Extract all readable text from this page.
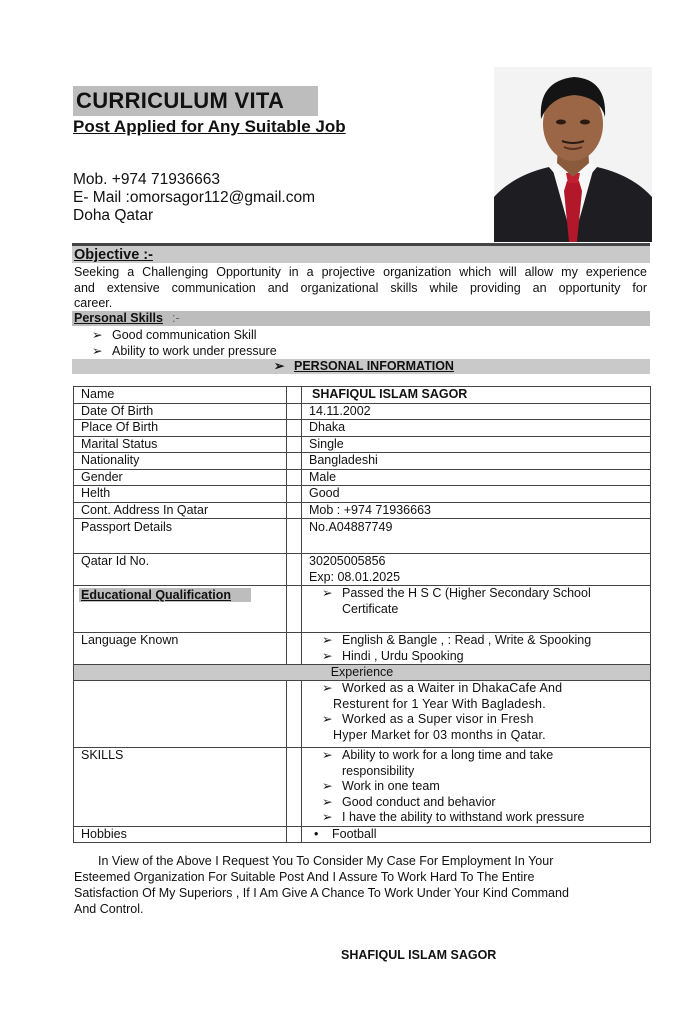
CURRICULUM VITA
Post Applied for Any Suitable Job
Mob. +974 71936663
E- Mail :omorsagor112@gmail.com
Doha Qatar
Objective :-
Seeking a Challenging Opportunity in a projective organization which will allow my experience
and extensive communication and organizational skills while providing an opportunity for
career.
Personal Skills :-
➢ Good communication Skill
➢ Ability to work under pressure
➢ PERSONAL INFORMATION
Name		SHAFIQUL ISLAM SAGOR
Date Of Birth		14.11.2002
Place Of Birth		Dhaka
Marital Status		Single
Nationality		Bangladeshi
Gender		Male
Helth		Good
Cont. Address In Qatar		Mob : +974 71936663
Passport Details		No.A04887749
Qatar Id No.		30205005856
Exp: 08.01.2025

Educational Qualification		➢ Passed the H S C (Higher Secondary School
Certificate

Language Known		➢ English & Bangle , : Read , Write & Spooking
➢ Hindi , Urdu Spooking

Experience		

		➢ Worked as a Waiter in DhakaCafe And
Resturent for 1 Year With Bagladesh.
➢ Worked as a Super visor in Fresh
Hyper Market for 03 months in Qatar.

SKILLS		➢ Ability to work for a long time and take
responsibility
➢ Work in one team
➢ Good conduct and behavior
➢ I have the ability to withstand work pressure

Hobbies		• Football
In View of the Above I Request You To Consider My Case For Employment In Your
Esteemed Organization For Suitable Post And I Assure To Work Hard To The Entire
Satisfaction Of My Superiors , If I Am Give A Chance To Work Under Your Kind Command
And Control.
SHAFIQUL ISLAM SAGOR
